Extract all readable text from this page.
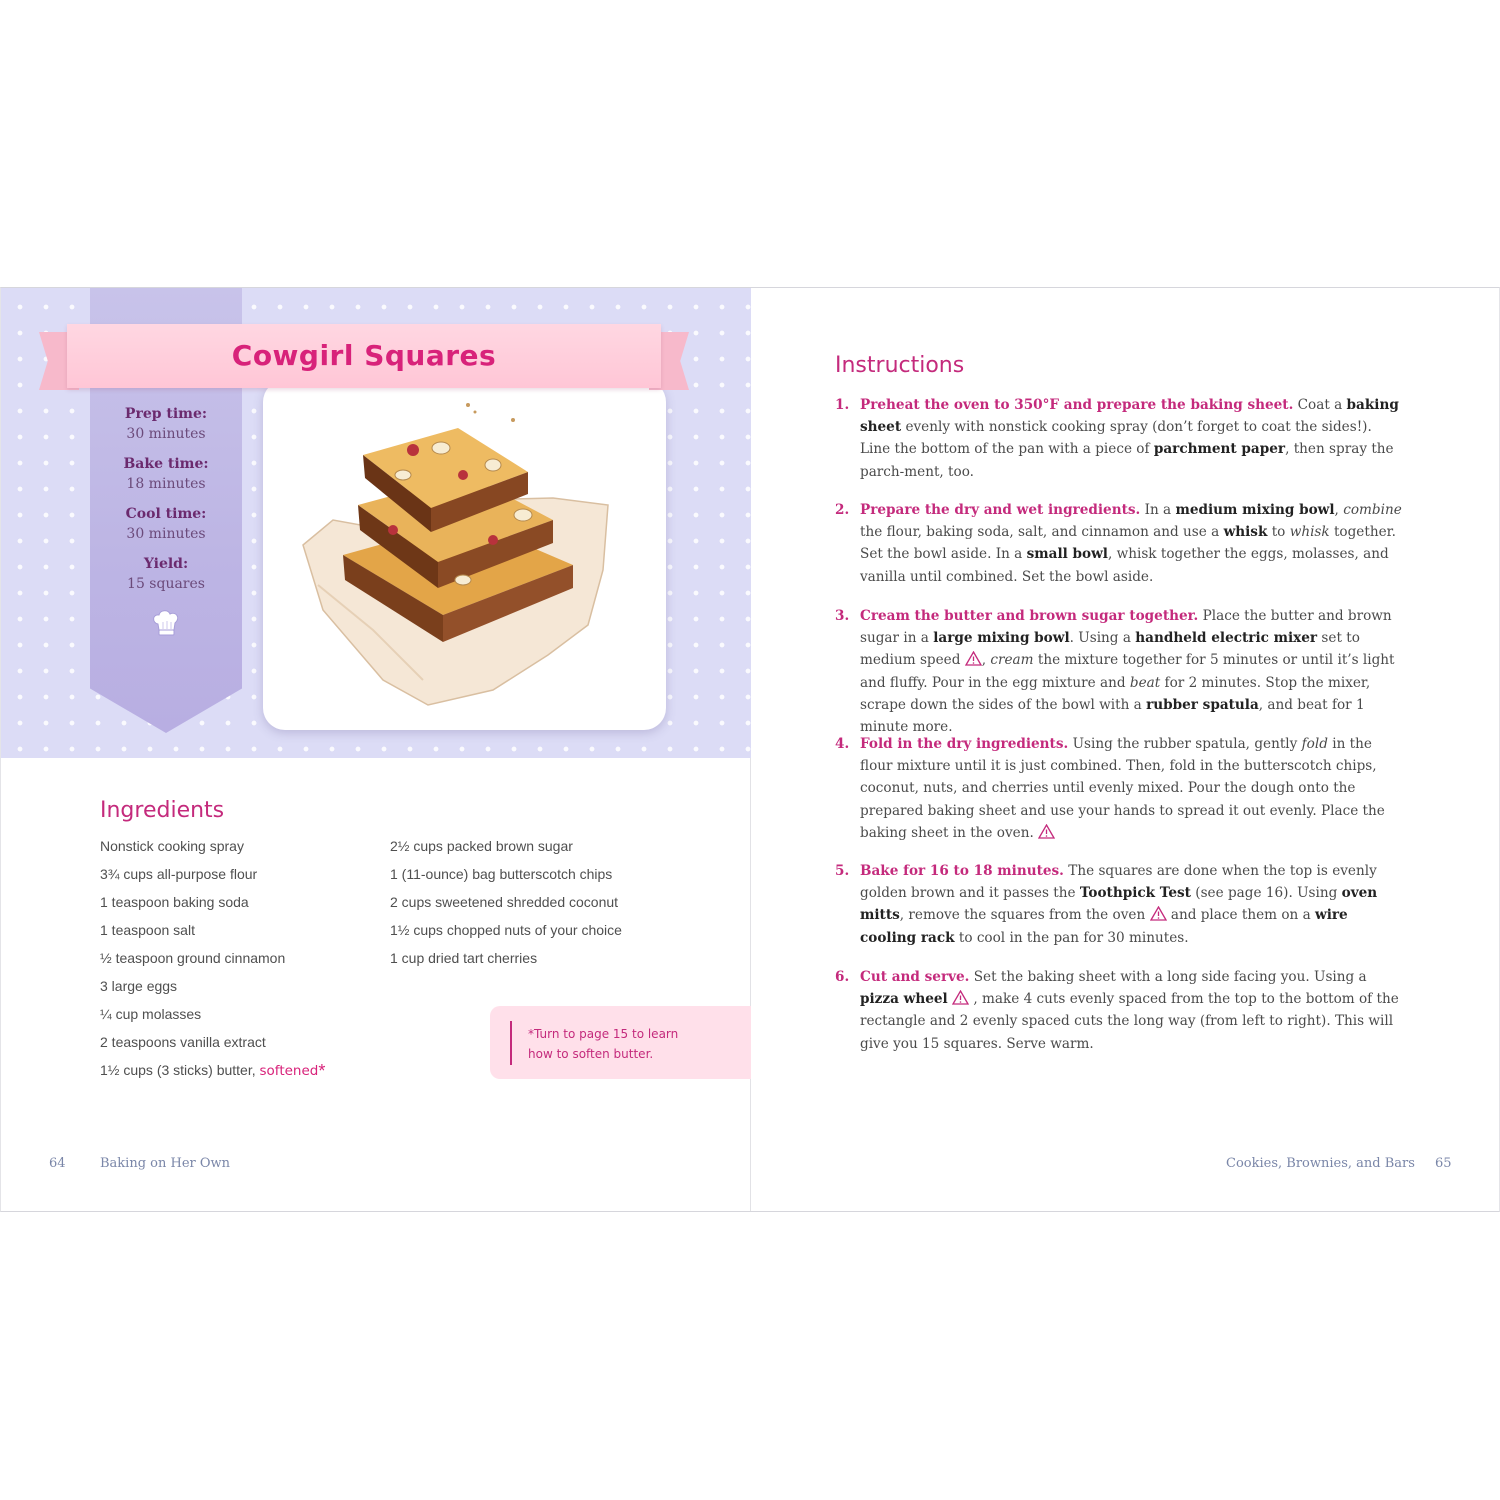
Prep time:
30 minutes
Bake time:
18 minutes
Cool time:
30 minutes
Yield:
15 squares
Cowgirl Squares
Ingredients
Nonstick cooking spray
3¾ cups all-purpose flour
1 teaspoon baking soda
1 teaspoon salt
½ teaspoon ground cinnamon
3 large eggs
¼ cup molasses
2 teaspoons vanilla extract
1½ cups (3 sticks) butter, softened*
2½ cups packed brown sugar
1 (11-ounce) bag butterscotch chips
2 cups sweetened shredded coconut
1½ cups chopped nuts of your choice
1 cup dried tart cherries
*Turn to page 15 to learn
how to soften butter.
64	Baking on Her Own
Instructions
1. Preheat the oven to 350°F and prepare the baking sheet. Coat a baking sheet evenly with nonstick cooking spray (don’t forget to coat the sides!). Line the bottom of the pan with a piece of parchment paper, then spray the parch-ment, too.
2. Prepare the dry and wet ingredients. In a medium mixing bowl, combine the flour, baking soda, salt, and cinnamon and use a whisk to whisk together. Set the bowl aside. In a small bowl, whisk together the eggs, molasses, and vanilla until combined. Set the bowl aside.
3. Cream the butter and brown sugar together. Place the butter and brown sugar in a large mixing bowl. Using a handheld electric mixer set to medium speed , cream the mixture together for 5 minutes or until it’s light and fluffy. Pour in the egg mixture and beat for 2 minutes. Stop the mixer, scrape down the sides of the bowl with a rubber spatula, and beat for 1 minute more.
4. Fold in the dry ingredients. Using the rubber spatula, gently fold in the flour mixture until it is just combined. Then, fold in the butterscotch chips, coconut, nuts, and cherries until evenly mixed. Pour the dough onto the prepared baking sheet and use your hands to spread it out evenly. Place the baking sheet in the oven.
5. Bake for 16 to 18 minutes. The squares are done when the top is evenly golden brown and it passes the Toothpick Test (see page 16). Using oven mitts, remove the squares from the oven  and place them on a wire cooling rack to cool in the pan for 30 minutes.
6. Cut and serve. Set the baking sheet with a long side facing you. Using a pizza wheel  , make 4 cuts evenly spaced from the top to the bottom of the rectangle and 2 evenly spaced cuts the long way (from left to right). This will give you 15 squares. Serve warm.
Cookies, Brownies, and Bars 65
